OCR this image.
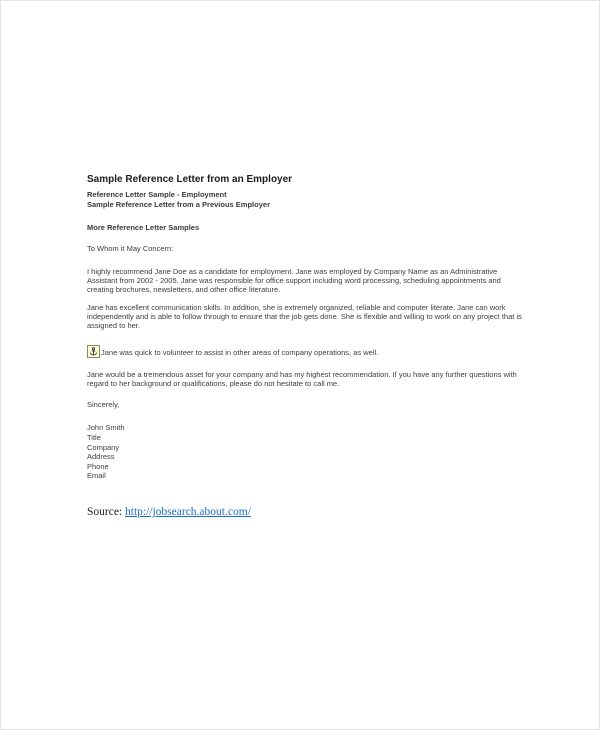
Sample Reference Letter from an Employer
Reference Letter Sample - Employment
Sample Reference Letter from a Previous Employer
More Reference Letter Samples

To Whom it May Concern:

I highly recommend Jane Doe as a candidate for employment. Jane was employed by Company Name as an Administrative Assistant from 2002 - 2005. Jane was responsible for office support including word processing, scheduling appointments and creating brochures, newsletters, and other office literature.

Jane has excellent communication skills. In addition, she is extremely organized, reliable and computer literate. Jane can work independently and is able to follow through to ensure that the job gets done. She is flexible and willing to work on any project that is assigned to her.

Jane was quick to volunteer to assist in other areas of company operations, as well.

Jane would be a tremendous asset for your company and has my highest recommendation. If you have any further questions with regard to her background or qualifications, please do not hesitate to call me.

Sincerely,

John Smith
Title
Company
Address
Phone
Email

Source: http://jobsearch.about.com/
